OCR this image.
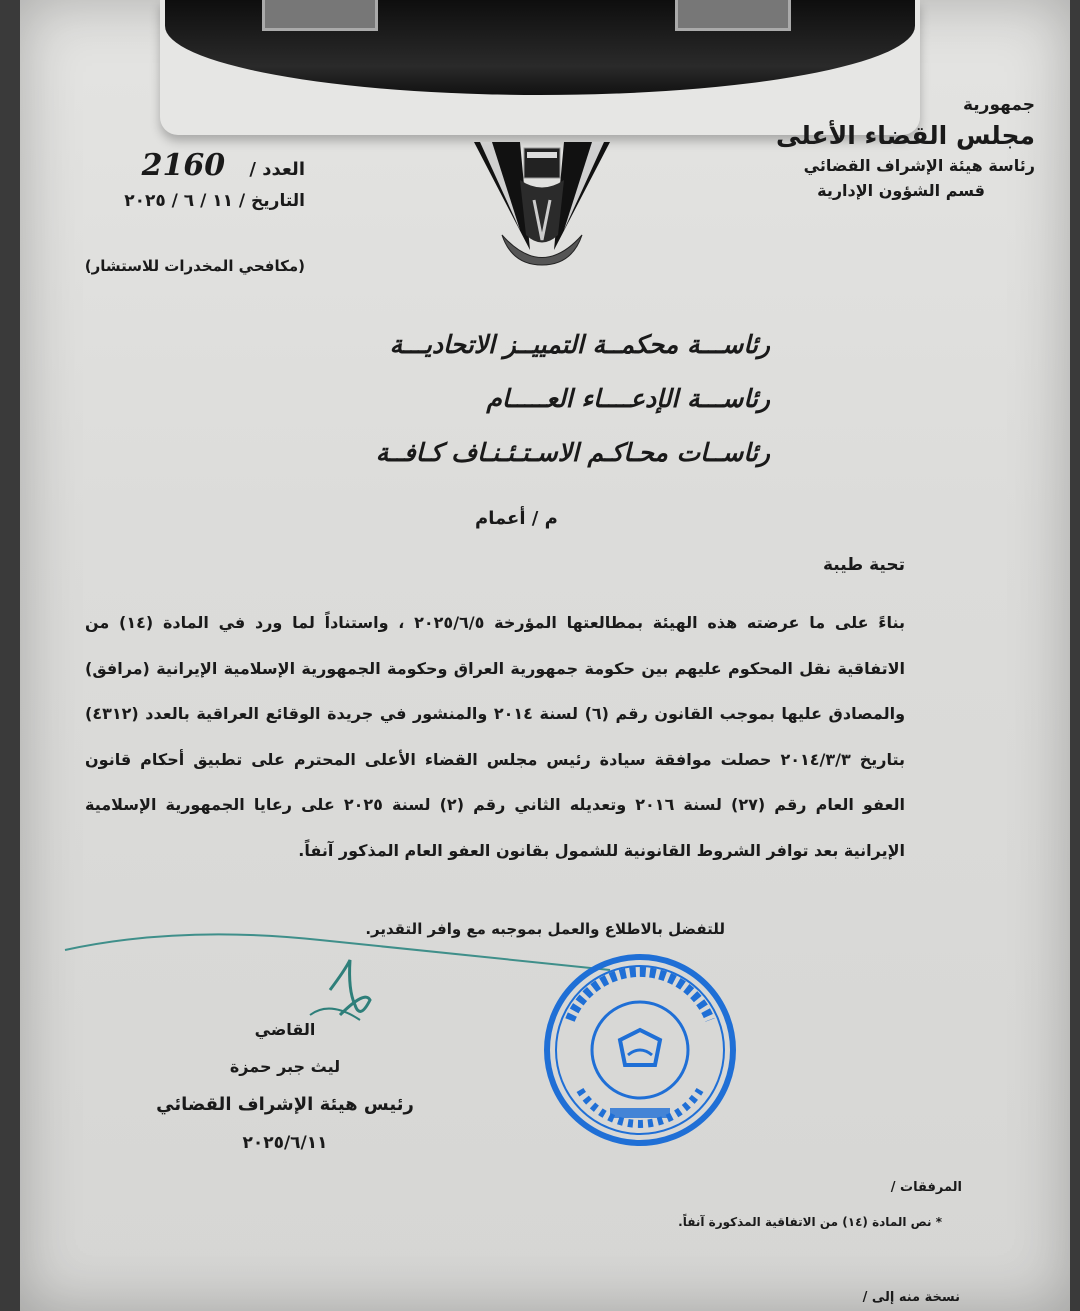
جمهورية
مجلس القضاء الأعلى
رئاسة هيئة الإشراف القضائي
قسم الشؤون الإدارية
العدد / 2160
التاريخ / ١١ / ٦ / ٢٠٢٥
(مكافحي المخدرات للاستشار)
رئاســـة محكمــة التمييــز الاتحاديـــة
رئاســـة الإدعــــاء العـــــام
رئاســات محـاكـم الاسـتـئـنـاف كـافــة
م / أعمام
تحية طيبة
بناءً على ما عرضته هذه الهيئة بمطالعتها المؤرخة ٢٠٢٥/٦/٥ ، واستناداً لما ورد في المادة (١٤) من الاتفاقية نقل المحكوم عليهم بين حكومة جمهورية العراق وحكومة الجمهورية الإسلامية الإيرانية (مرافق) والمصادق عليها بموجب القانون رقم (٦) لسنة ٢٠١٤ والمنشور في جريدة الوقائع العراقية بالعدد (٤٣١٢) بتاريخ ٢٠١٤/٣/٣ حصلت موافقة سيادة رئيس مجلس القضاء الأعلى المحترم على تطبيق أحكام قانون العفو العام رقم (٢٧) لسنة ٢٠١٦ وتعديله الثاني رقم (٢) لسنة ٢٠٢٥ على رعايا الجمهورية الإسلامية الإيرانية بعد توافر الشروط القانونية للشمول بقانون العفو العام المذكور آنفاً.
للتفضل بالاطلاع والعمل بموجبه مع وافر التقدير.
القاضي
ليث جبر حمزة
رئيس هيئة الإشراف القضائي
٢٠٢٥/٦/١١
المرفقات /
* نص المادة (١٤) من الاتفاقية المذكورة آنفاً.
نسخة منه إلى /
